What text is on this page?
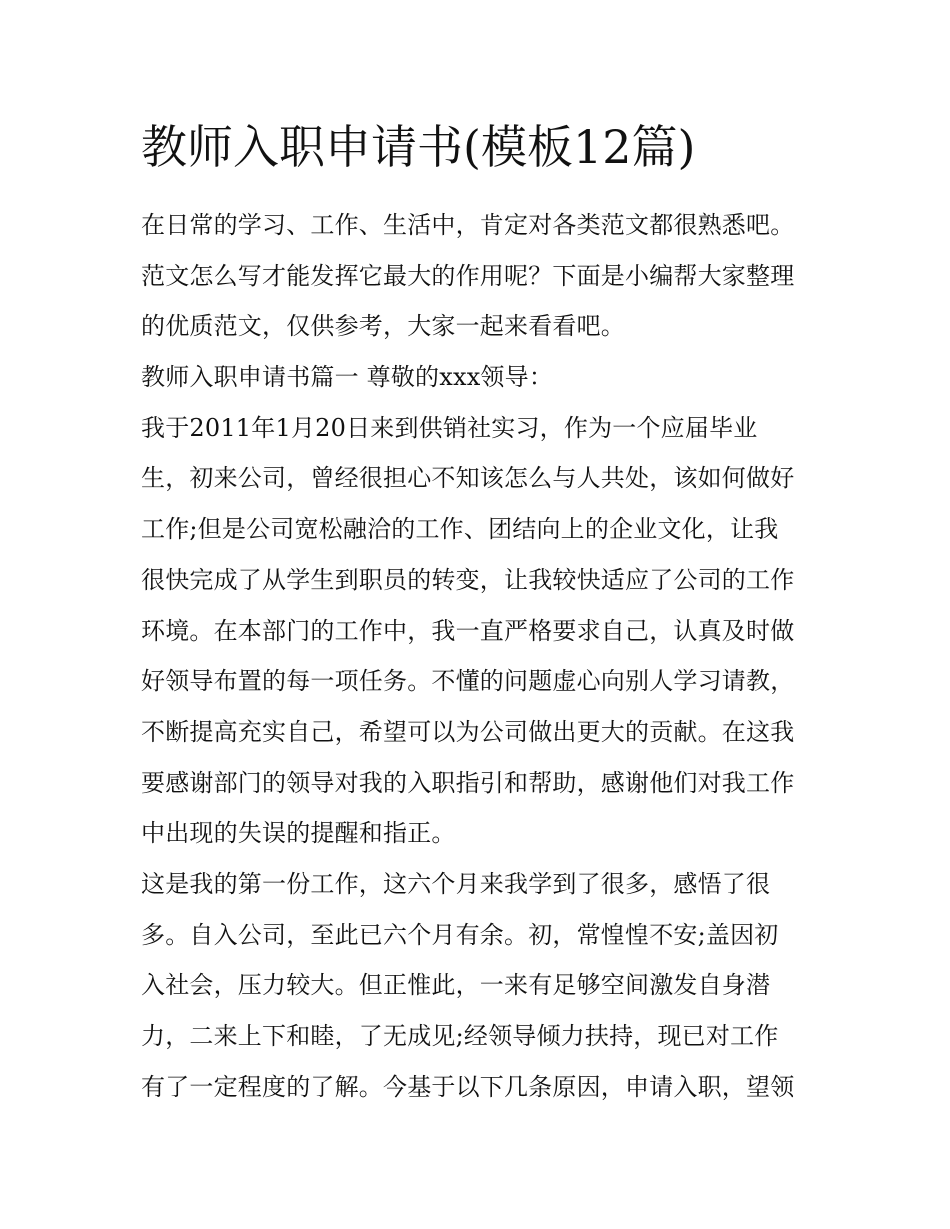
教师入职申请书(模板12篇)
在日常的学习、工作、生活中，肯定对各类范文都很熟悉吧。
范文怎么写才能发挥它最大的作用呢？下面是小编帮大家整理
的优质范文，仅供参考，大家一起来看看吧。
教师入职申请书篇一 尊敬的xxx领导：
我于2011年1月20日来到供销社实习，作为一个应届毕业
生，初来公司，曾经很担心不知该怎么与人共处，该如何做好
工作;但是公司宽松融洽的工作、团结向上的企业文化，让我
很快完成了从学生到职员的转变，让我较快适应了公司的工作
环境。在本部门的工作中，我一直严格要求自己，认真及时做
好领导布置的每一项任务。不懂的问题虚心向别人学习请教，
不断提高充实自己，希望可以为公司做出更大的贡献。在这我
要感谢部门的领导对我的入职指引和帮助，感谢他们对我工作
中出现的失误的提醒和指正。
这是我的第一份工作，这六个月来我学到了很多，感悟了很
多。自入公司，至此已六个月有余。初，常惶惶不安;盖因初
入社会，压力较大。但正惟此，一来有足够空间激发自身潜
力，二来上下和睦，了无成见;经领导倾力扶持，现已对工作
有了一定程度的了解。今基于以下几条原因，申请入职，望领
